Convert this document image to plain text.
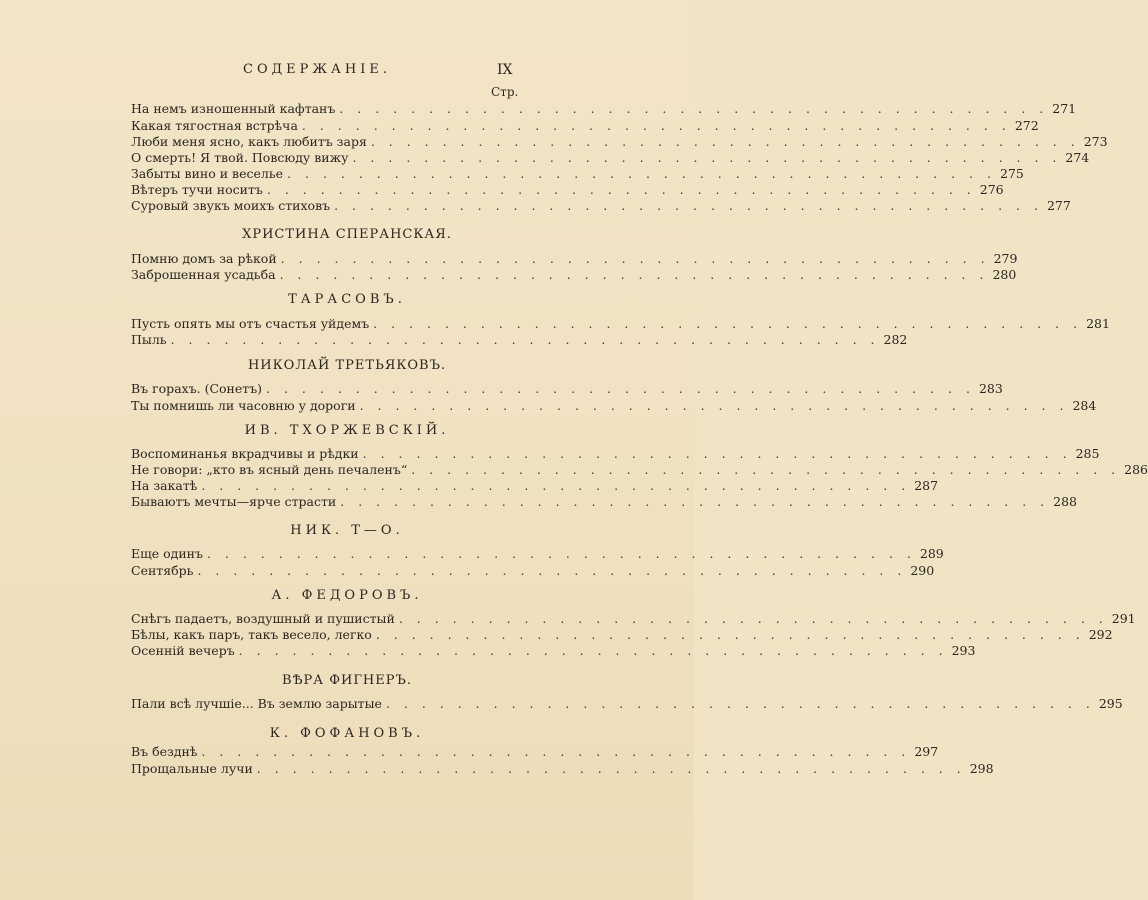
СОДЕРЖАНІЕ.	IX
Стр.
На немъ изношенный кафтанъ . . . . . . . . . . . . . . . . . . . . . . . . . . . . . . . . . . . . . . . . 271
Какая тягостная встрѣча . . . . . . . . . . . . . . . . . . . . . . . . . . . . . . . . . . . . . . . . 272
Люби меня ясно, какъ любитъ заря . . . . . . . . . . . . . . . . . . . . . . . . . . . . . . . . . . . . . . . . 273
О смерть! Я твой. Повсюду вижу . . . . . . . . . . . . . . . . . . . . . . . . . . . . . . . . . . . . . . . . 274
Забыты вино и веселье . . . . . . . . . . . . . . . . . . . . . . . . . . . . . . . . . . . . . . . . 275
Вѣтеръ тучи носитъ . . . . . . . . . . . . . . . . . . . . . . . . . . . . . . . . . . . . . . . . 276
Суровый звукъ моихъ стиховъ . . . . . . . . . . . . . . . . . . . . . . . . . . . . . . . . . . . . . . . . 277
ХРИСТИНА СПЕРАНСКАЯ.
Помню домъ за рѣкой . . . . . . . . . . . . . . . . . . . . . . . . . . . . . . . . . . . . . . . . 279
Заброшенная усадьба . . . . . . . . . . . . . . . . . . . . . . . . . . . . . . . . . . . . . . . . 280
ТАРАСОВЪ.
Пусть опять мы отъ счастья уйдемъ . . . . . . . . . . . . . . . . . . . . . . . . . . . . . . . . . . . . . . . . 281
Пыль . . . . . . . . . . . . . . . . . . . . . . . . . . . . . . . . . . . . . . . . 282
НИКОЛАЙ ТРЕТЬЯКОВЪ.
Въ горахъ. (Сонетъ) . . . . . . . . . . . . . . . . . . . . . . . . . . . . . . . . . . . . . . . . 283
Ты помнишь ли часовню у дороги . . . . . . . . . . . . . . . . . . . . . . . . . . . . . . . . . . . . . . . . 284
ИВ. ТХОРЖЕВСКІЙ.
Воспоминанья вкрадчивы и рѣдки . . . . . . . . . . . . . . . . . . . . . . . . . . . . . . . . . . . . . . . . 285
Не говори: „кто въ ясный день печаленъ“ . . . . . . . . . . . . . . . . . . . . . . . . . . . . . . . . . . . . . . . . 286
На закатѣ . . . . . . . . . . . . . . . . . . . . . . . . . . . . . . . . . . . . . . . . 287
Бываютъ мечты—ярче страсти . . . . . . . . . . . . . . . . . . . . . . . . . . . . . . . . . . . . . . . . 288
НИК. Т—О.
Еще одинъ . . . . . . . . . . . . . . . . . . . . . . . . . . . . . . . . . . . . . . . . 289
Сентябрь . . . . . . . . . . . . . . . . . . . . . . . . . . . . . . . . . . . . . . . . 290
А. ФЕДОРОВЪ.
Снѣгъ падаетъ, воздушный и пушистый . . . . . . . . . . . . . . . . . . . . . . . . . . . . . . . . . . . . . . . . 291
Бѣлы, какъ паръ, такъ весело, легко . . . . . . . . . . . . . . . . . . . . . . . . . . . . . . . . . . . . . . . . 292
Осенній вечеръ . . . . . . . . . . . . . . . . . . . . . . . . . . . . . . . . . . . . . . . . 293
ВѢРА ФИГНЕРЪ.
Пали всѣ лучшіе... Въ землю зарытые . . . . . . . . . . . . . . . . . . . . . . . . . . . . . . . . . . . . . . . . 295
К. ФОФАНОВЪ.
Въ безднѣ . . . . . . . . . . . . . . . . . . . . . . . . . . . . . . . . . . . . . . . . 297
Прощальные лучи . . . . . . . . . . . . . . . . . . . . . . . . . . . . . . . . . . . . . . . . 298
